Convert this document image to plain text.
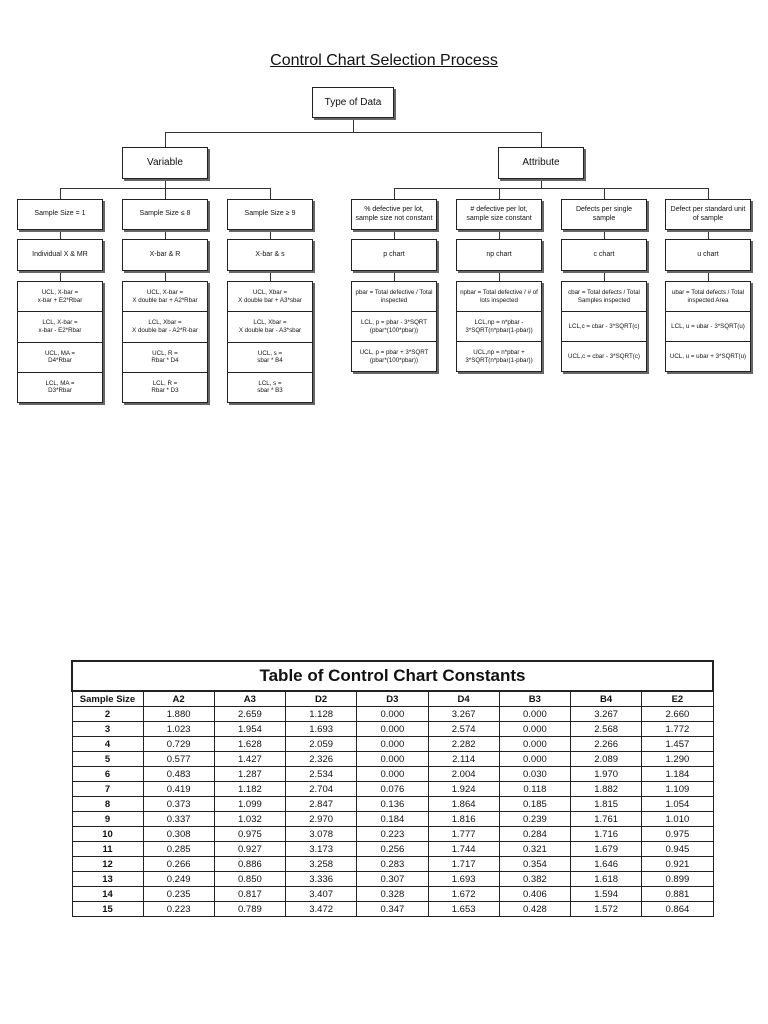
Control Chart Selection Process
Type of Data
Variable	Attribute
Sample Size = 1
Individual X & MR
UCL, X-bar =
x-bar + E2*Rbar
LCL, X-bar =
x-bar - E2*Rbar
UCL, MA =
D4*Rbar
LCL, MA =
D3*Rbar
Sample Size ≤ 8
X-bar & R
UCL, X-bar =
X double bar + A2*Rbar
LCL, Xbar =
X double bar - A2*R-bar
UCL, R =
Rbar * D4
LCL, R =
Rbar * D3
Sample Size ≥ 9
X-bar & s
UCL, Xbar =
X double bar + A3*sbar
LCL, Xbar =
X double bar - A3*sbar
UCL, s =
sbar * B4
LCL, s =
sbar * B3
% defective per lot,
sample size not constant
p chart
pbar = Total defective / Total
inspected
LCL, p = pbar - 3*SQRT
(pbar*(100*pbar))
UCL, p = pbar + 3*SQRT
(pbar*(100*pbar))
# defective per lot,
sample size constant
np chart
npbar = Total defective / # of
lots inspected
LCL,np = n*pbar -
3*SQRT(n*pbar(1-pbar))
UCL,np = n*pbar +
3*SQRT(n*pbar(1-pbar))
Defects per single
sample
c chart
cbar = Total defects / Total
Samples inspected
LCL,c = cbar - 3*SQRT(c)
UCL,c = cbar - 3*SQRT(c)
Defect per standard unit
of sample
u chart
ubar = Total defects / Total
inspected Area
LCL, u = ubar - 3*SQRT(u)
UCL, u = ubar + 3*SQRT(u)
Table of Control Chart Constants								
Sample Size	A2	A3	D2	D3	D4	B3	B4	E2
2	1.880	2.659	1.128	0.000	3.267	0.000	3.267	2.660
3	1.023	1.954	1.693	0.000	2.574	0.000	2.568	1.772
4	0.729	1.628	2.059	0.000	2.282	0.000	2.266	1.457
5	0.577	1.427	2.326	0.000	2.114	0.000	2.089	1.290
6	0.483	1.287	2.534	0.000	2.004	0.030	1.970	1.184
7	0.419	1.182	2.704	0.076	1.924	0.118	1.882	1.109
8	0.373	1.099	2.847	0.136	1.864	0.185	1.815	1.054
9	0.337	1.032	2.970	0.184	1.816	0.239	1.761	1.010
10	0.308	0.975	3.078	0.223	1.777	0.284	1.716	0.975
11	0.285	0.927	3.173	0.256	1.744	0.321	1.679	0.945
12	0.266	0.886	3.258	0.283	1.717	0.354	1.646	0.921
13	0.249	0.850	3.336	0.307	1.693	0.382	1.618	0.899
14	0.235	0.817	3.407	0.328	1.672	0.406	1.594	0.881
15	0.223	0.789	3.472	0.347	1.653	0.428	1.572	0.864
